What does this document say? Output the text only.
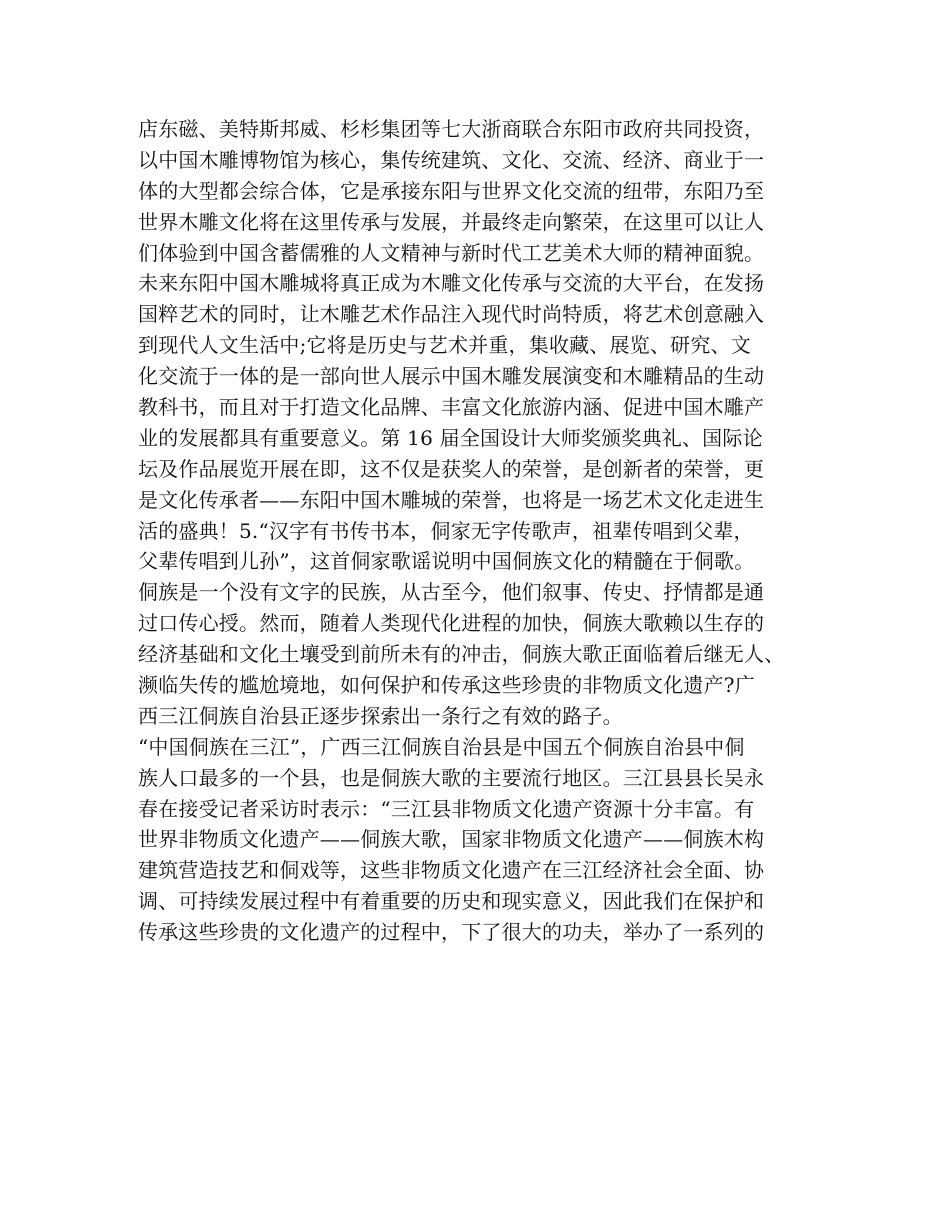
店东磁、美特斯邦威、杉杉集团等七大浙商联合东阳市政府共同投资，
以中国木雕博物馆为核心，集传统建筑、文化、交流、经济、商业于一
体的大型都会综合体，它是承接东阳与世界文化交流的纽带，东阳乃至
世界木雕文化将在这里传承与发展，并最终走向繁荣，在这里可以让人
们体验到中国含蓄儒雅的人文精神与新时代工艺美术大师的精神面貌。
未来东阳中国木雕城将真正成为木雕文化传承与交流的大平台，在发扬
国粹艺术的同时，让木雕艺术作品注入现代时尚特质，将艺术创意融入
到现代人文生活中;它将是历史与艺术并重，集收藏、展览、研究、文
化交流于一体的是一部向世人展示中国木雕发展演变和木雕精品的生动
教科书，而且对于打造文化品牌、丰富文化旅游内涵、促进中国木雕产
业的发展都具有重要意义。第 16 届全国设计大师奖颁奖典礼、国际论
坛及作品展览开展在即，这不仅是获奖人的荣誉，是创新者的荣誉，更
是文化传承者——东阳中国木雕城的荣誉，也将是一场艺术文化走进生
活的盛典！5.“汉字有书传书本，侗家无字传歌声，祖辈传唱到父辈，
父辈传唱到儿孙”，这首侗家歌谣说明中国侗族文化的精髓在于侗歌。
侗族是一个没有文字的民族，从古至今，他们叙事、传史、抒情都是通
过口传心授。然而，随着人类现代化进程的加快，侗族大歌赖以生存的
经济基础和文化土壤受到前所未有的冲击，侗族大歌正面临着后继无人、
濒临失传的尴尬境地，如何保护和传承这些珍贵的非物质文化遗产?广
西三江侗族自治县正逐步探索出一条行之有效的路子。
“中国侗族在三江”，广西三江侗族自治县是中国五个侗族自治县中侗
族人口最多的一个县，也是侗族大歌的主要流行地区。三江县县长吴永
春在接受记者采访时表示：“三江县非物质文化遗产资源十分丰富。有
世界非物质文化遗产——侗族大歌，国家非物质文化遗产——侗族木构
建筑营造技艺和侗戏等，这些非物质文化遗产在三江经济社会全面、协
调、可持续发展过程中有着重要的历史和现实意义，因此我们在保护和
传承这些珍贵的文化遗产的过程中，下了很大的功夫，举办了一系列的
